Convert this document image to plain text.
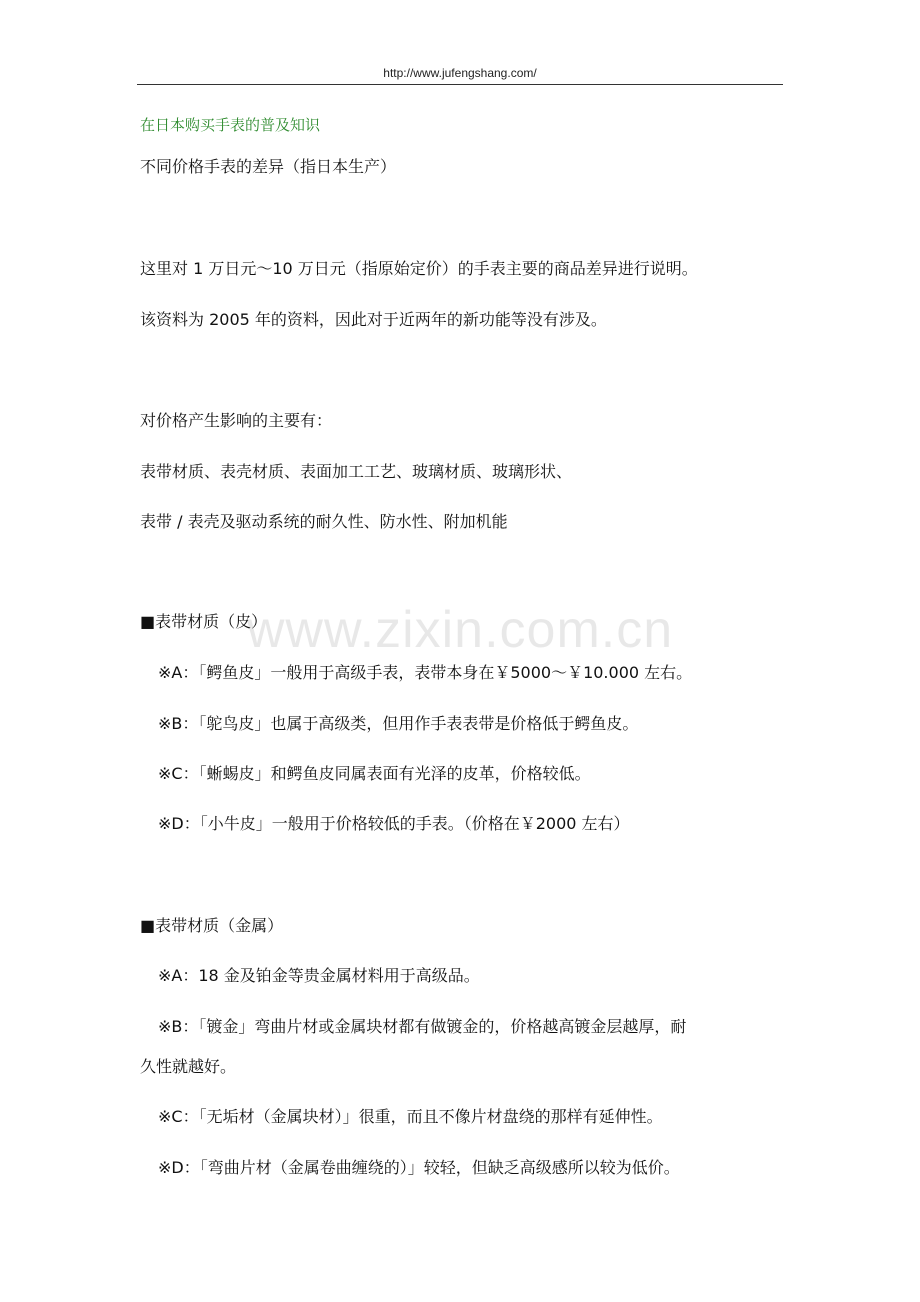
http://www.jufengshang.com/
www.zixin.com.cn
在日本购买手表的普及知识
不同价格手表的差异（指日本生产）
这里对 1 万日元～10 万日元（指原始定价）的手表主要的商品差异进行说明。
该资料为 2005 年的资料，因此对于近两年的新功能等没有涉及。
对价格产生影响的主要有：
表带材质、表壳材质、表面加工工艺、玻璃材质、玻璃形状、
表带 / 表壳及驱动系统的耐久性、防水性、附加机能
■表带材质（皮）
※A：「鳄鱼皮」一般用于高级手表，表带本身在￥5000～￥10.000 左右。
※B：「鸵鸟皮」也属于高级类，但用作手表表带是价格低于鳄鱼皮。
※C：「蜥蜴皮」和鳄鱼皮同属表面有光泽的皮革，价格较低。
※D：「小牛皮」一般用于价格较低的手表。（价格在￥2000 左右）
■表带材质（金属）
※A：18 金及铂金等贵金属材料用于高级品。
※B：「镀金」弯曲片材或金属块材都有做镀金的，价格越高镀金层越厚，耐
久性就越好。
※C：「无垢材（金属块材）」很重，而且不像片材盘绕的那样有延伸性。
※D：「弯曲片材（金属卷曲缠绕的）」较轻，但缺乏高级感所以较为低价。
